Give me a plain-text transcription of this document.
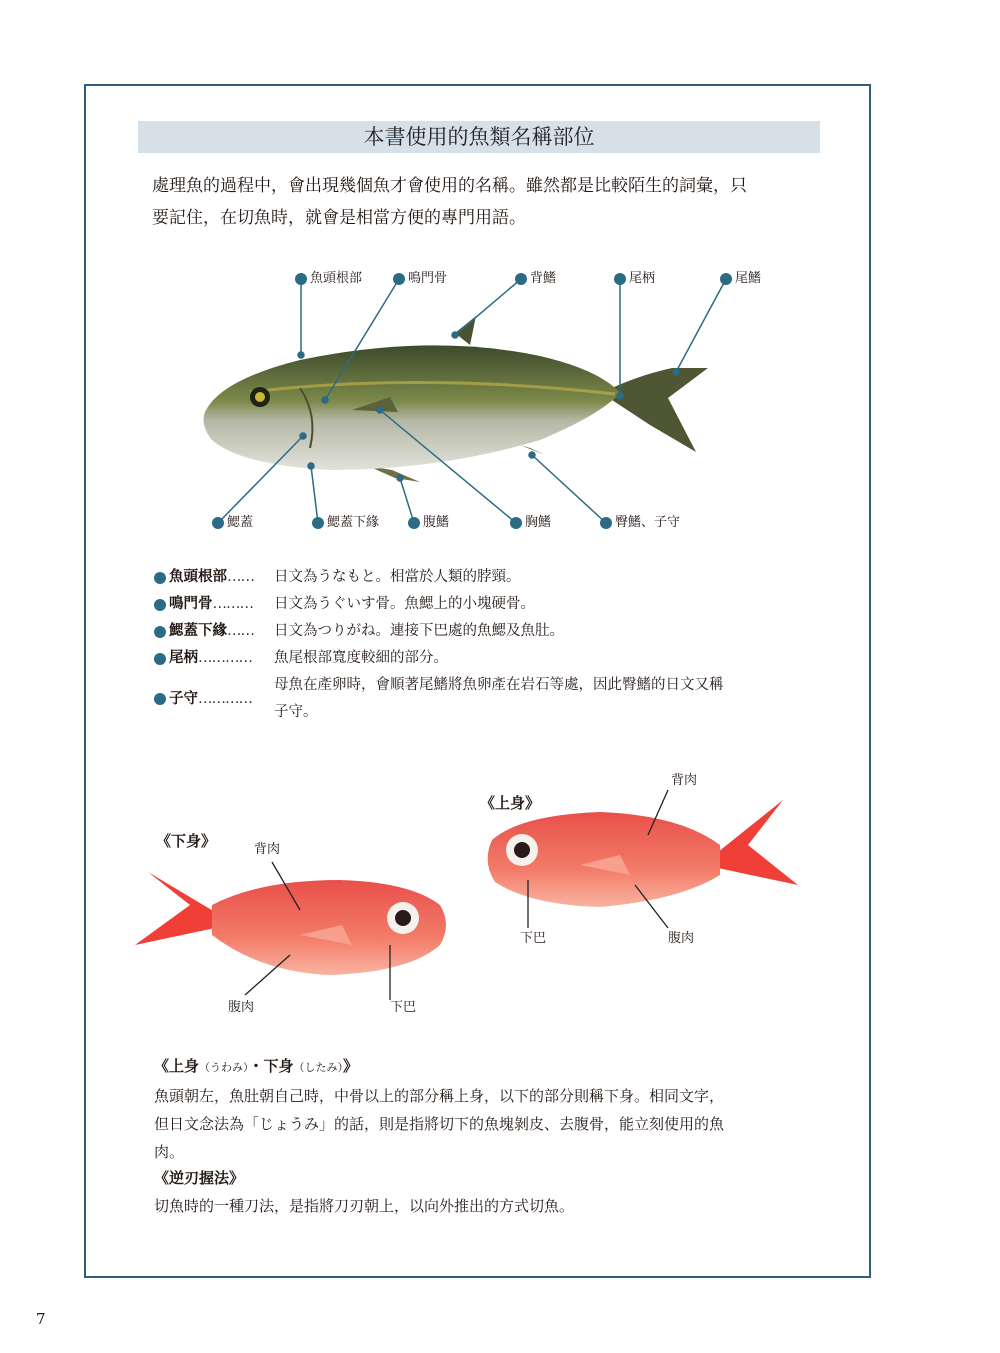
本書使用的魚類名稱部位

處理魚的過程中，會出現幾個魚才會使用的名稱。雖然都是比較陌生的詞彙，只

要記住，在切魚時，就會是相當方便的專門用語。

魚頭根部	鳴門骨	背鰭	尾柄	尾鰭
鰓蓋	鰓蓋下緣	腹鰭	胸鰭	臀鰭、子守
魚頭根部 …… 日文為うなもと。相當於人類的脖頸。
鳴門骨 ……… 日文為うぐいす骨。魚鰓上的小塊硬骨。
鰓蓋下緣 …… 日文為つりがね。連接下巴處的魚鰓及魚肚。
尾柄 ………… 魚尾根部寬度較細的部分。
子守 …………
母魚在產卵時，會順著尾鰭將魚卵產在岩石等處，因此臀鰭的日文又稱
子守。
《下身》	背肉
腹肉	下巴
《上身》
背肉
下巴	腹肉

《上身（うわみ）・下身（したみ）》

魚頭朝左，魚肚朝自己時，中骨以上的部分稱上身，以下的部分則稱下身。相同文字，

但日文念法為「じょうみ」的話，則是指將切下的魚塊剝皮、去腹骨，能立刻使用的魚

肉。

《逆刃握法》

切魚時的一種刀法，是指將刀刃朝上，以向外推出的方式切魚。

7
